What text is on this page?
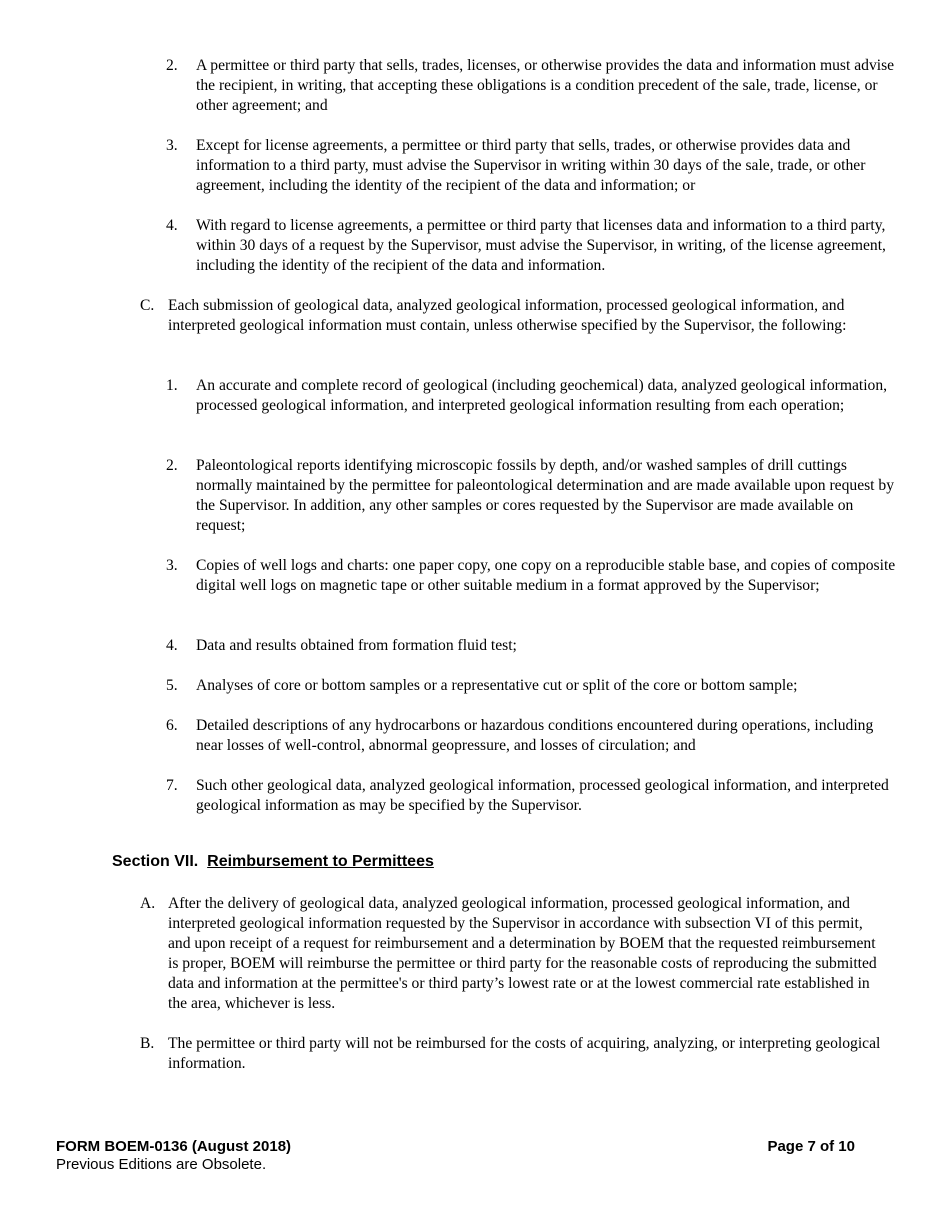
2.	A permittee or third party that sells, trades, licenses, or otherwise provides the data and information must advise the recipient, in writing, that accepting these obligations is a condition precedent of the sale, trade, license, or other agreement; and
3.	Except for license agreements, a permittee or third party that sells, trades, or otherwise provides data and information to a third party, must advise the Supervisor in writing within 30 days of the sale, trade, or other agreement, including the identity of the recipient of the data and information; or
4.	With regard to license agreements, a permittee or third party that licenses data and information to a third party, within 30 days of a request by the Supervisor, must advise the Supervisor, in writing, of the license agreement, including the identity of the recipient of the data and information.
C. Each submission of geological data, analyzed geological information, processed geological information, and interpreted geological information must contain, unless otherwise specified by the Supervisor, the following:
1.	An accurate and complete record of geological (including geochemical) data, analyzed geological information, processed geological information, and interpreted geological information resulting from each operation;
2.	Paleontological reports identifying microscopic fossils by depth, and/or washed samples of drill cuttings normally maintained by the permittee for paleontological determination and are made available upon request by the Supervisor. In addition, any other samples or cores requested by the Supervisor are made available on request;
3.	Copies of well logs and charts: one paper copy, one copy on a reproducible stable base, and copies of composite digital well logs on magnetic tape or other suitable medium in a format approved by the Supervisor;
4.	Data and results obtained from formation fluid test;
5.	Analyses of core or bottom samples or a representative cut or split of the core or bottom sample;
6.	Detailed descriptions of any hydrocarbons or hazardous conditions encountered during operations, including near losses of well-control, abnormal geopressure, and losses of circulation; and
7.	Such other geological data, analyzed geological information, processed geological information, and interpreted geological information as may be specified by the Supervisor.
Section VII. Reimbursement to Permittees
A. After the delivery of geological data, analyzed geological information, processed geological information, and interpreted geological information requested by the Supervisor in accordance with subsection VI of this permit, and upon receipt of a request for reimbursement and a determination by BOEM that the requested reimbursement is proper, BOEM will reimburse the permittee or third party for the reasonable costs of reproducing the submitted data and information at the permittee's or third party’s lowest rate or at the lowest commercial rate established in the area, whichever is less.
B. The permittee or third party will not be reimbursed for the costs of acquiring, analyzing, or interpreting geological information.
FORM BOEM-0136 (August 2018)
Previous Editions are Obsolete.
Page 7 of 10
